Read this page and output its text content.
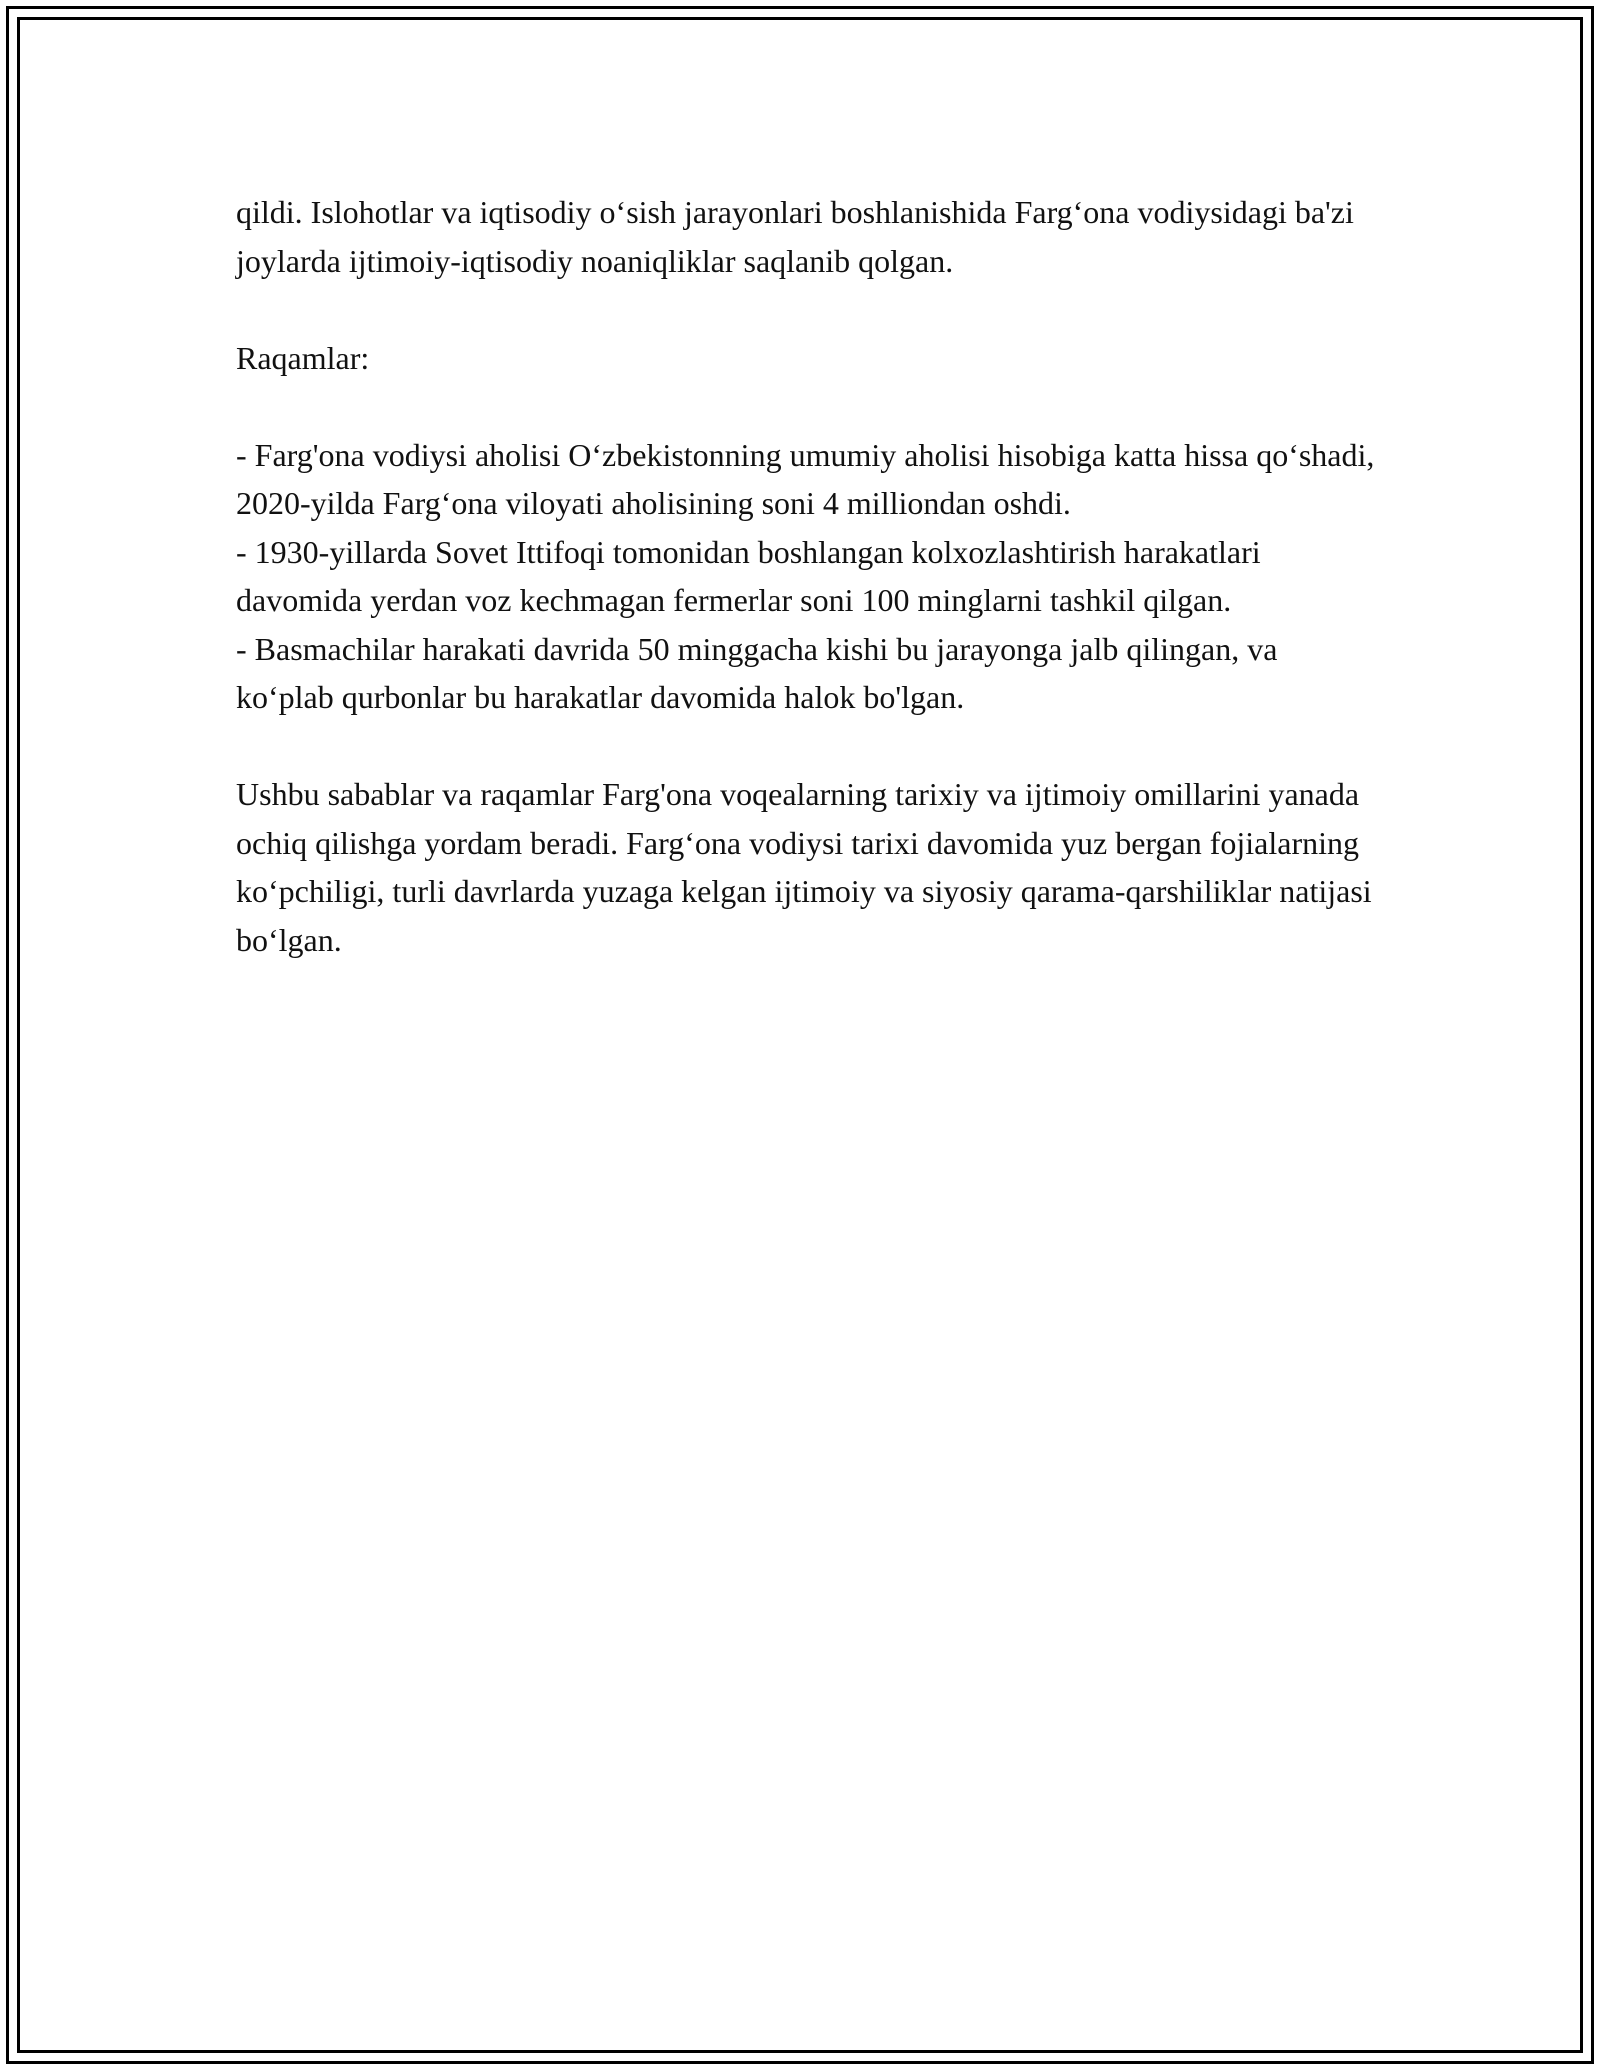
qildi. Islohotlar va iqtisodiy o‘sish jarayonlari boshlanishida Farg‘ona vodiysidagi ba'zi joylarda ijtimoiy-iqtisodiy noaniqliklar saqlanib qolgan.

Raqamlar:

- Farg'ona vodiysi aholisi O‘zbekistonning umumiy aholisi hisobiga katta hissa qo‘shadi, 2020-yilda Farg‘ona viloyati aholisining soni 4 milliondan oshdi.

- 1930-yillarda Sovet Ittifoqi tomonidan boshlangan kolxozlashtirish harakatlari davomida yerdan voz kechmagan fermerlar soni 100 minglarni tashkil qilgan.

- Basmachilar harakati davrida 50 minggacha kishi bu jarayonga jalb qilingan, va ko‘plab qurbonlar bu harakatlar davomida halok bo'lgan.

Ushbu sabablar va raqamlar Farg'ona voqealarning tarixiy va ijtimoiy omillarini yanada ochiq qilishga yordam beradi. Farg‘ona vodiysi tarixi davomida yuz bergan fojialarning ko‘pchiligi, turli davrlarda yuzaga kelgan ijtimoiy va siyosiy qarama-qarshiliklar natijasi bo‘lgan.
